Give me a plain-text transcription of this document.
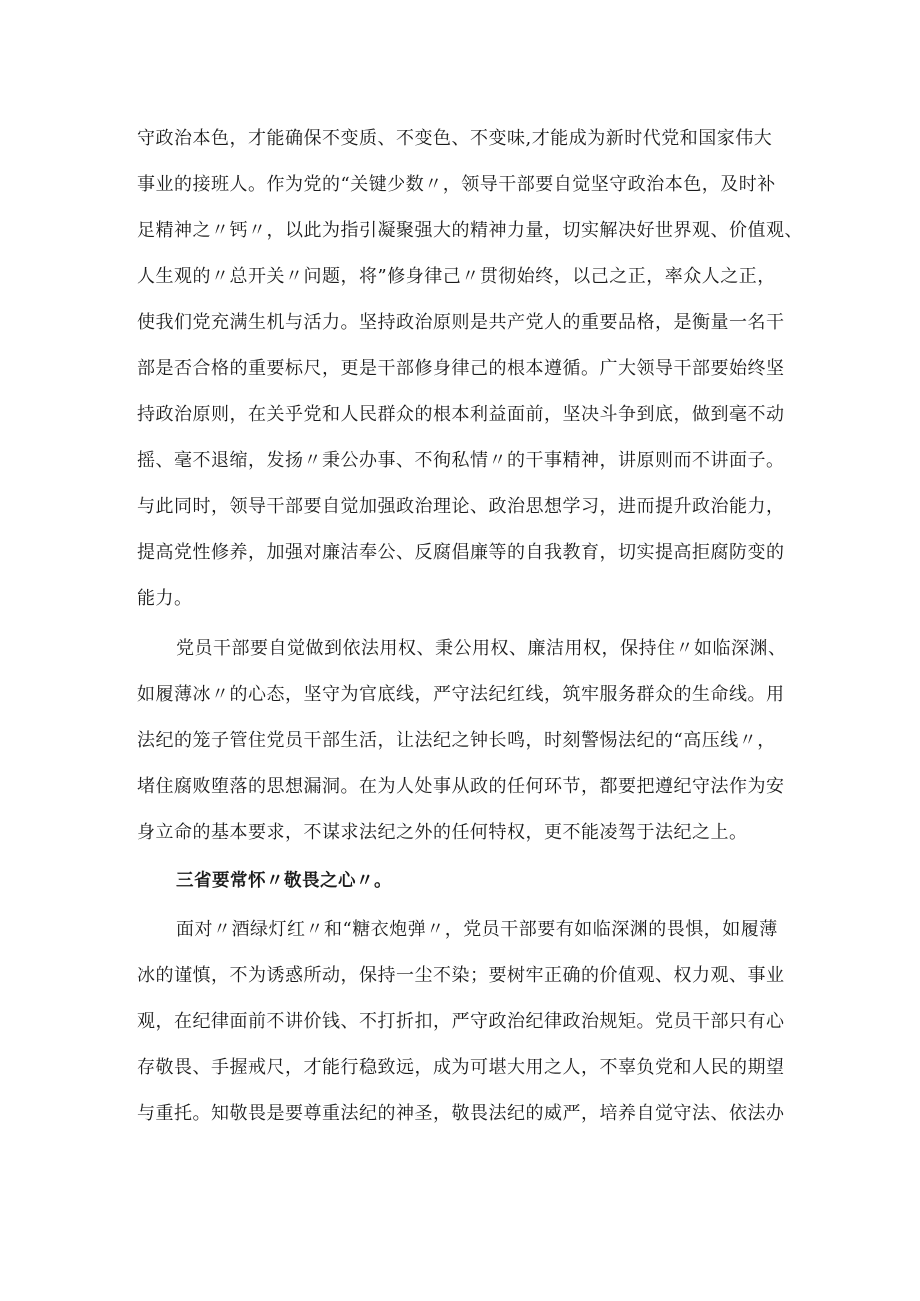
守政治本色，才能确保不变质、不变色、不变味,才能成为新时代党和国家伟大
事业的接班人。作为党的“关键少数〃，领导干部要自觉坚守政治本色，及时补
足精神之〃钙〃，以此为指引凝聚强大的精神力量，切实解决好世界观、价值观、
人生观的〃总开关〃问题，将”修身律己〃贯彻始终，以己之正，率众人之正，
使我们党充满生机与活力。坚持政治原则是共产党人的重要品格，是衡量一名干
部是否合格的重要标尺，更是干部修身律己的根本遵循。广大领导干部要始终坚
持政治原则，在关乎党和人民群众的根本利益面前，坚决斗争到底，做到毫不动
摇、毫不退缩，发扬〃秉公办事、不徇私情〃的干事精神，讲原则而不讲面子。
与此同时，领导干部要自觉加强政治理论、政治思想学习，进而提升政治能力，
提高党性修养，加强对廉洁奉公、反腐倡廉等的自我教育，切实提高拒腐防变的
能力。
党员干部要自觉做到依法用权、秉公用权、廉洁用权，保持住〃如临深渊、
如履薄冰〃的心态，坚守为官底线，严守法纪红线，筑牢服务群众的生命线。用
法纪的笼子管住党员干部生活，让法纪之钟长鸣，时刻警惕法纪的“高压线〃，
堵住腐败堕落的思想漏洞。在为人处事从政的任何环节，都要把遵纪守法作为安
身立命的基本要求，不谋求法纪之外的任何特权，更不能凌驾于法纪之上。
三省要常怀〃敬畏之心〃。
面对〃酒绿灯红〃和“糖衣炮弹〃，党员干部要有如临深渊的畏惧，如履薄
冰的谨慎，不为诱惑所动，保持一尘不染；要树牢正确的价值观、权力观、事业
观，在纪律面前不讲价钱、不打折扣，严守政治纪律政治规矩。党员干部只有心
存敬畏、手握戒尺，才能行稳致远，成为可堪大用之人，不辜负党和人民的期望
与重托。知敬畏是要尊重法纪的神圣，敬畏法纪的威严，培养自觉守法、依法办
